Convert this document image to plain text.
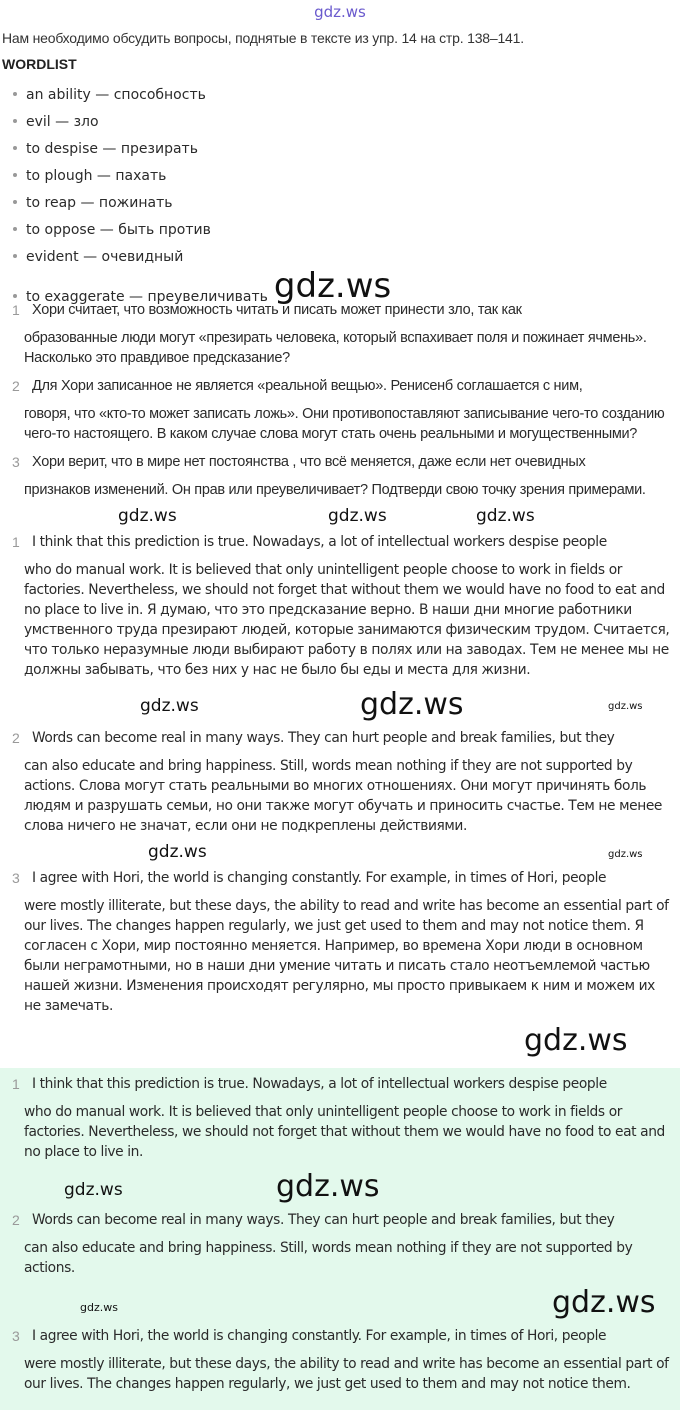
gdz.ws
Нам необходимо обсудить вопросы, поднятые в тексте из упр. 14 на стр. 138–141.
WORDLIST
an ability — способность
evil — зло
to despise — презирать
to plough — пахать
to reap — пожинать
to oppose — быть против
evident — очевидный
to exaggerate — преувеличивать gdz.ws
1 Хори считает, что возможность читать и писать может принести зло, так как
образованные люди могут «презирать человека, который вспахивает поля и пожинает ячмень». Насколько это правдивое предсказание?
2 Для Хори записанное не является «реальной вещью». Ренисенб соглашается с ним,
говоря, что «кто-то может записать ложь». Они противопоставляют записывание чего-то созданию чего-то настоящего. В каком случае слова могут стать очень реальными и могущественными?
3 Хори верит, что в мире нет постоянства , что всё меняется, даже если нет очевидных
признаков изменений. Он прав или преувеличивает? Подтверди свою точку зрения примерами.
gdz.ws	gdz.ws	gdz.ws
1 I think that this prediction is true. Nowadays, a lot of intellectual workers despise people
who do manual work. It is believed that only unintelligent people choose to work in fields or factories. Nevertheless, we should not forget that without them we would have no food to eat and no place to live in. Я думаю, что это предсказание верно. В наши дни многие работники умственного труда презирают людей, которые занимаются физическим трудом. Считается, что только неразумные люди выбирают работу в полях или на заводах. Тем не менее мы не должны забывать, что без них у нас не было бы еды и места для жизни.
gdz.ws	gdz.ws	gdz.ws
2 Words can become real in many ways. They can hurt people and break families, but they
can also educate and bring happiness. Still, words mean nothing if they are not supported by actions. Слова могут стать реальными во многих отношениях. Они могут причинять боль людям и разрушать семьи, но они также могут обучать и приносить счастье. Тем не менее слова ничего не значат, если они не подкреплены действиями.
gdz.ws	gdz.ws
3 I agree with Hori, the world is changing constantly. For example, in times of Hori, people
were mostly illiterate, but these days, the ability to read and write has become an essential part of our lives. The changes happen regularly, we just get used to them and may not notice them. Я согласен с Хори, мир постоянно меняется. Например, во времена Хори люди в основном были неграмотными, но в наши дни умение читать и писать стало неотъемлемой частью нашей жизни. Изменения происходят регулярно, мы просто привыкаем к ним и можем их не замечать.
gdz.ws
1 I think that this prediction is true. Nowadays, a lot of intellectual workers despise people
who do manual work. It is believed that only unintelligent people choose to work in fields or factories. Nevertheless, we should not forget that without them we would have no food to eat and no place to live in.
gdz.ws	gdz.ws
2 Words can become real in many ways. They can hurt people and break families, but they
can also educate and bring happiness. Still, words mean nothing if they are not supported by actions.
gdz.ws	gdz.ws
3 I agree with Hori, the world is changing constantly. For example, in times of Hori, people
were mostly illiterate, but these days, the ability to read and write has become an essential part of our lives. The changes happen regularly, we just get used to them and may not notice them.
